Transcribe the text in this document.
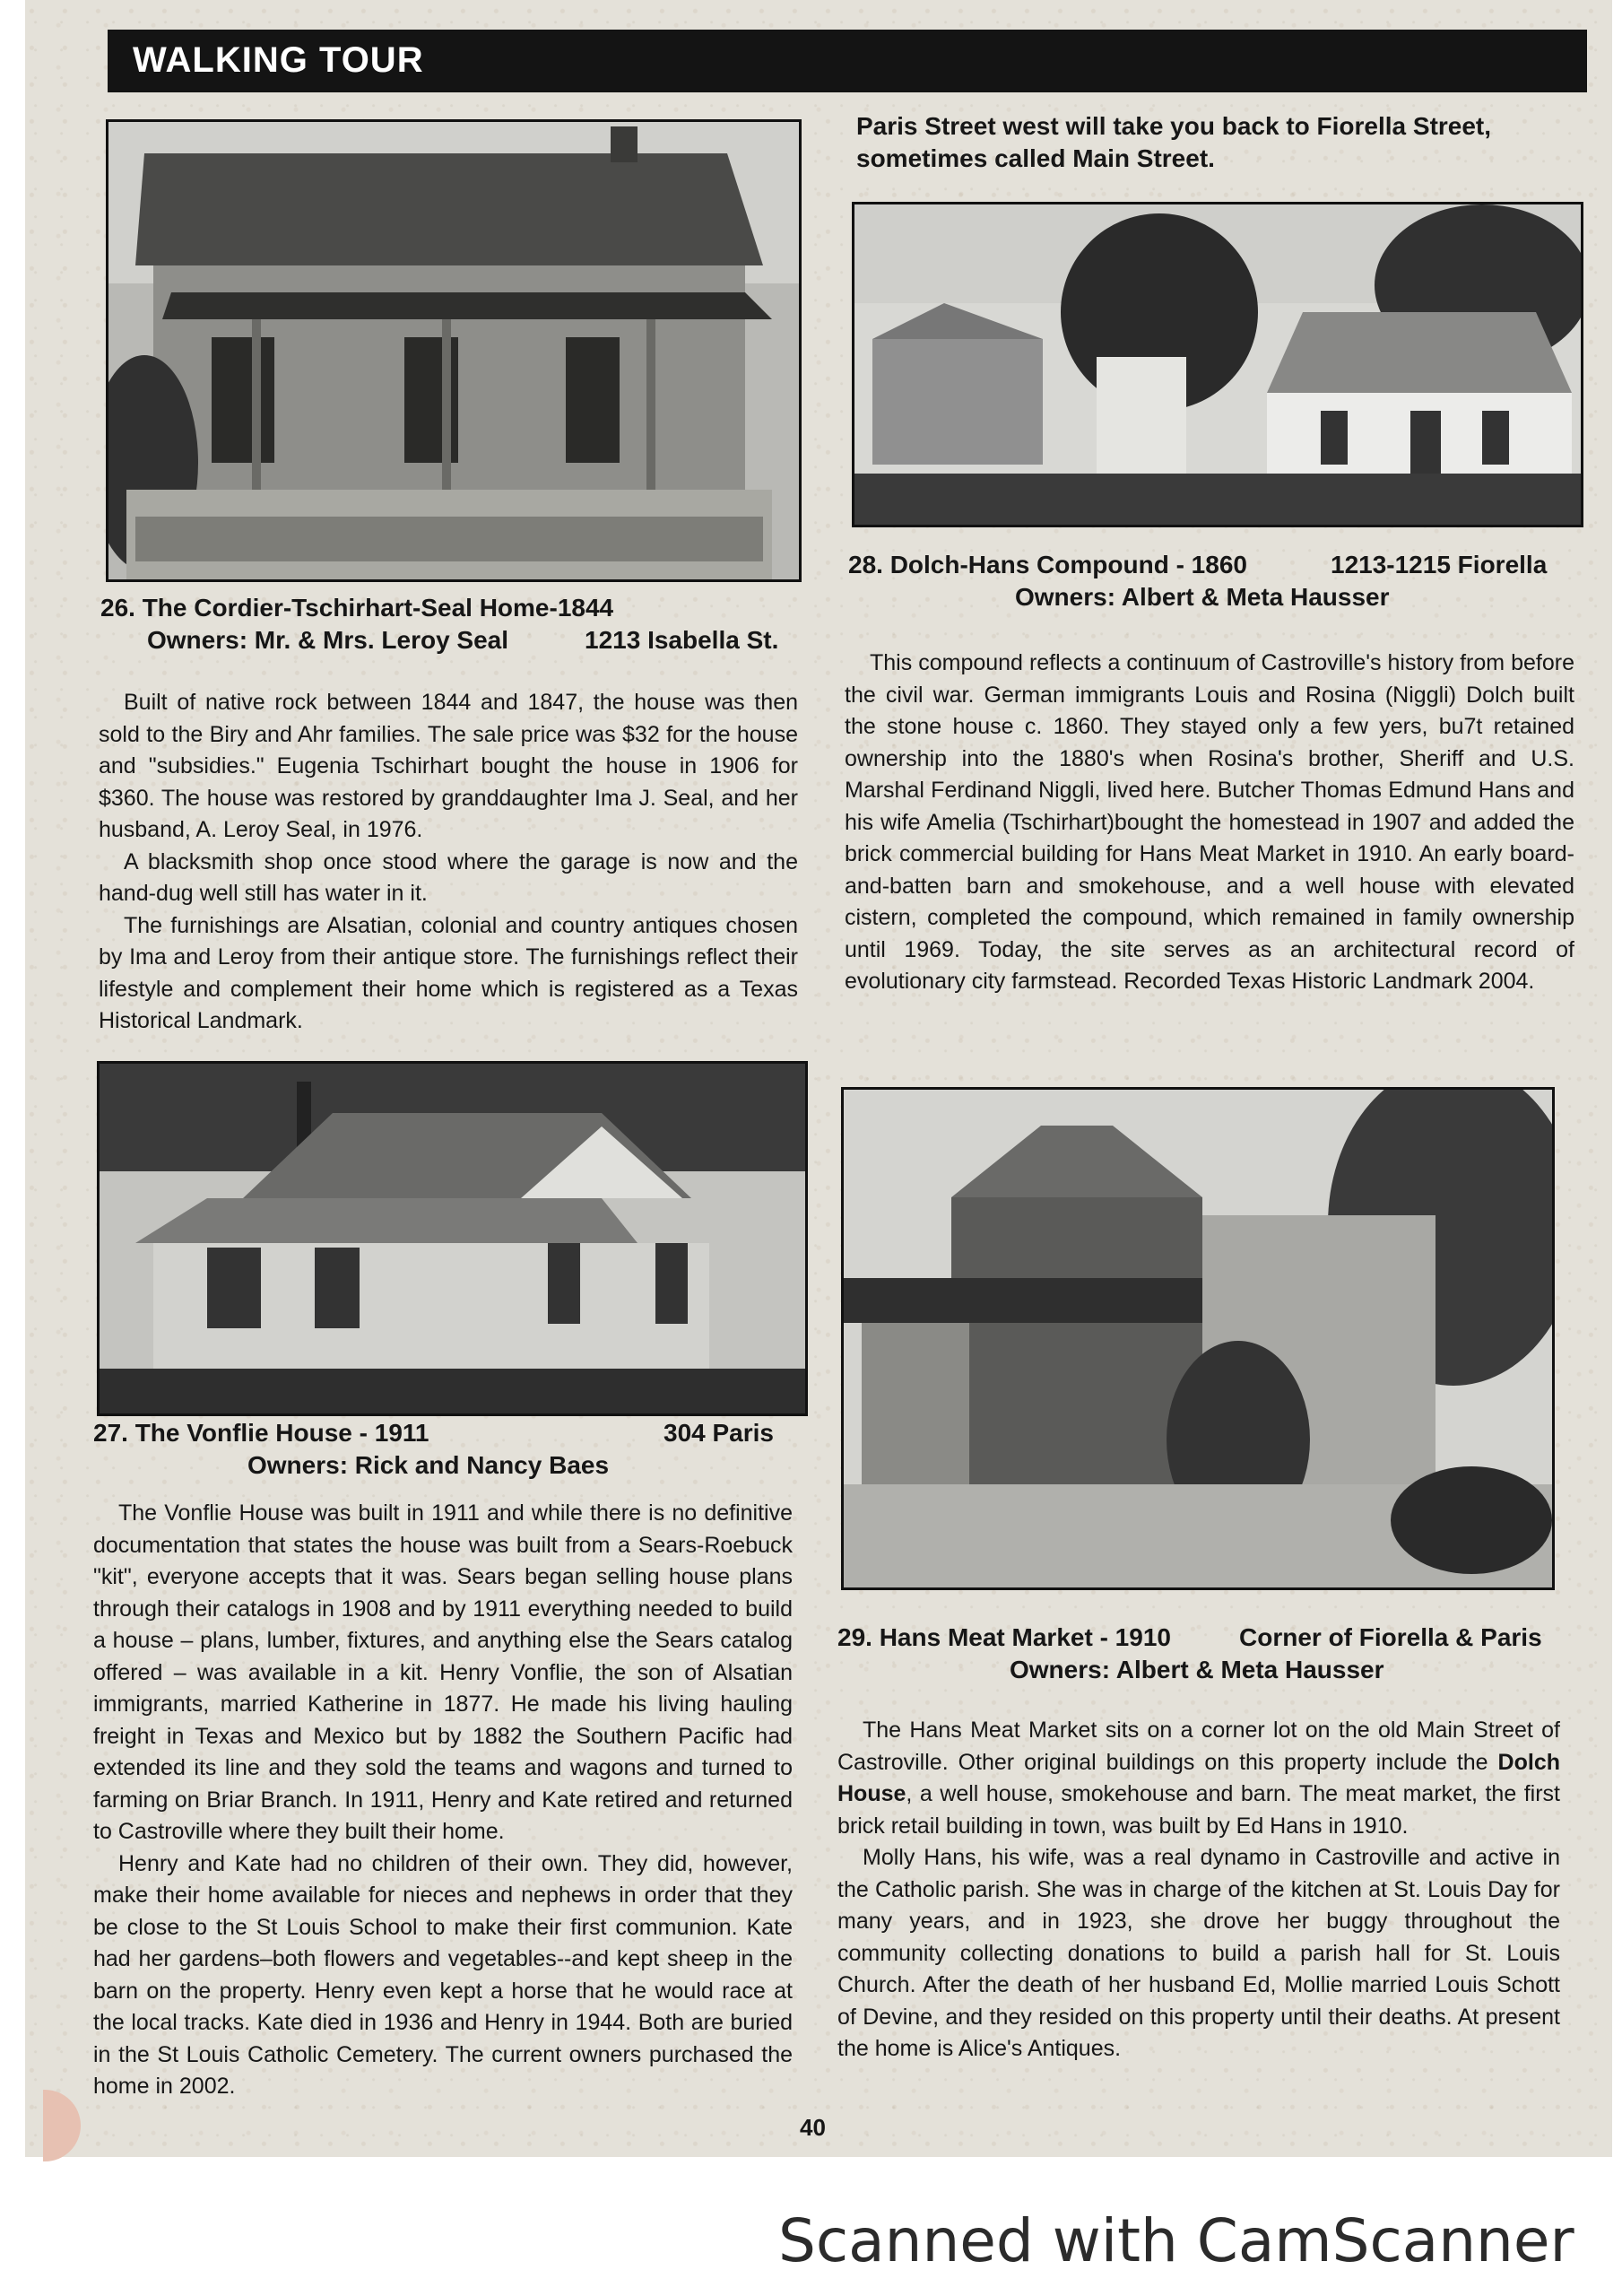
WALKING TOUR
26. The Cordier-Tschirhart-Seal Home-1844
Owners: Mr. & Mrs. Leroy Seal	1213 Isabella St.

Built of native rock between 1844 and 1847, the house was then sold to the Biry and Ahr families. The sale price was $32 for the house and "subsidies." Eugenia Tschirhart bought the house in 1906 for $360. The house was restored by granddaughter Ima J. Seal, and her husband, A. Leroy Seal, in 1976.

A blacksmith shop once stood where the garage is now and the hand-dug well still has water in it.

The furnishings are Alsatian, colonial and country antiques chosen by Ima and Leroy from their antique store. The furnishings reflect their lifestyle and complement their home which is registered as a Texas Historical Landmark.

27. The Vonflie House - 1911	304 Paris
Owners: Rick and Nancy Baes

The Vonflie House was built in 1911 and while there is no definitive documentation that states the house was built from a Sears-Roebuck "kit", everyone accepts that it was. Sears began selling house plans through their catalogs in 1908 and by 1911 everything needed to build a house – plans, lumber, fixtures, and anything else the Sears catalog offered – was available in a kit. Henry Vonflie, the son of Alsatian immigrants, married Katherine in 1877. He made his living hauling freight in Texas and Mexico but by 1882 the Southern Pacific had extended its line and they sold the teams and wagons and turned to farming on Briar Branch. In 1911, Henry and Kate retired and returned to Castroville where they built their home.

Henry and Kate had no children of their own. They did, however, make their home available for nieces and nephews in order that they be close to the St Louis School to make their first communion. Kate had her gardens–both flowers and vegetables--and kept sheep in the barn on the property. Henry even kept a horse that he would race at the local tracks. Kate died in 1936 and Henry in 1944. Both are buried in the St Louis Catholic Cemetery. The current owners purchased the home in 2002.

Paris Street west will take you back to Fiorella Street, sometimes called Main Street.
28. Dolch-Hans Compound - 1860	1213-1215 Fiorella
Owners: Albert & Meta Hausser

This compound reflects a continuum of Castroville's history from before the civil war. German immigrants Louis and Rosina (Niggli) Dolch built the stone house c. 1860. They stayed only a few yers, bu7t retained ownership into the 1880's when Rosina's brother, Sheriff and U.S. Marshal Ferdinand Niggli, lived here. Butcher Thomas Edmund Hans and his wife Amelia (Tschirhart)bought the homestead in 1907 and added the brick commercial building for Hans Meat Market in 1910. An early board-and-batten barn and smokehouse, and a well house with elevated cistern, completed the compound, which remained in family ownership until 1969. Today, the site serves as an architectural record of evolutionary city farmstead. Recorded Texas Historic Landmark 2004.

29. Hans Meat Market - 1910	Corner of Fiorella & Paris
Owners: Albert & Meta Hausser

The Hans Meat Market sits on a corner lot on the old Main Street of Castroville. Other original buildings on this property include the Dolch House, a well house, smokehouse and barn. The meat market, the first brick retail building in town, was built by Ed Hans in 1910.

Molly Hans, his wife, was a real dynamo in Castroville and active in the Catholic parish. She was in charge of the kitchen at St. Louis Day for many years, and in 1923, she drove her buggy throughout the community collecting donations to build a parish hall for St. Louis Church. After the death of her husband Ed, Mollie married Louis Schott of Devine, and they resided on this property until their deaths. At present the home is Alice's Antiques.

40
Scanned with CamScanner
